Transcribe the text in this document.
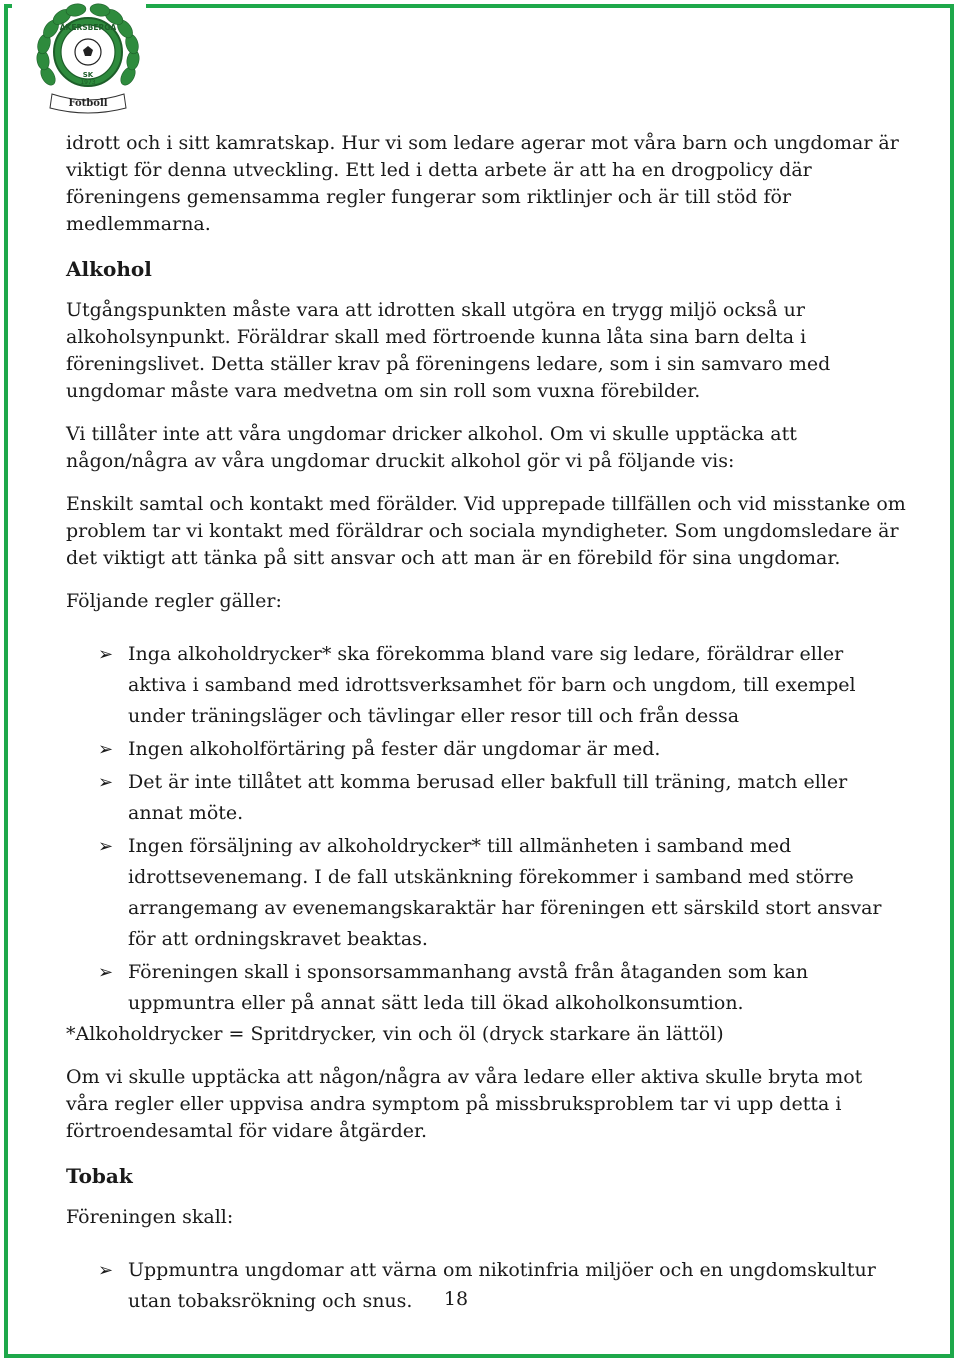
ÅKERSBERGA
SK
1973
Fotboll

idrott och i sitt kamratskap. Hur vi som ledare agerar mot våra barn och ungdomar är viktigt för denna utveckling. Ett led i detta arbete är att ha en drogpolicy där föreningens gemensamma regler fungerar som riktlinjer och är till stöd för medlemmarna.

Alkohol

Utgångspunkten måste vara att idrotten skall utgöra en trygg miljö också ur alkoholsynpunkt. Föräldrar skall med förtroende kunna låta sina barn delta i föreningslivet. Detta ställer krav på föreningens ledare, som i sin samvaro med ungdomar måste vara medvetna om sin roll som vuxna förebilder.

Vi tillåter inte att våra ungdomar dricker alkohol. Om vi skulle upptäcka att någon/några av våra ungdomar druckit alkohol gör vi på följande vis:

Enskilt samtal och kontakt med förälder. Vid upprepade tillfällen och vid misstanke om problem tar vi kontakt med föräldrar och sociala myndigheter. Som ungdomsledare är det viktigt att tänka på sitt ansvar och att man är en förebild för sina ungdomar.

Följande regler gäller:

➢ Inga alkoholdrycker* ska förekomma bland vare sig ledare, föräldrar eller aktiva i samband med idrottsverksamhet för barn och ungdom, till exempel under träningsläger och tävlingar eller resor till och från dessa
➢ Ingen alkoholförtäring på fester där ungdomar är med.
➢ Det är inte tillåtet att komma berusad eller bakfull till träning, match eller annat möte.
➢ Ingen försäljning av alkoholdrycker* till allmänheten i samband med idrottsevenemang. I de fall utskänkning förekommer i samband med större arrangemang av evenemangskaraktär har föreningen ett särskild stort ansvar för att ordningskravet beaktas.
➢ Föreningen skall i sponsorsammanhang avstå från åtaganden som kan uppmuntra eller på annat sätt leda till ökad alkoholkonsumtion.

*Alkoholdrycker = Spritdrycker, vin och öl (dryck starkare än lättöl)

Om vi skulle upptäcka att någon/några av våra ledare eller aktiva skulle bryta mot våra regler eller uppvisa andra symptom på missbruksproblem tar vi upp detta i förtroendesamtal för vidare åtgärder.

Tobak

Föreningen skall:

➢ Uppmuntra ungdomar att värna om nikotinfria miljöer och en ungdomskultur utan tobaksrökning och snus.	18
